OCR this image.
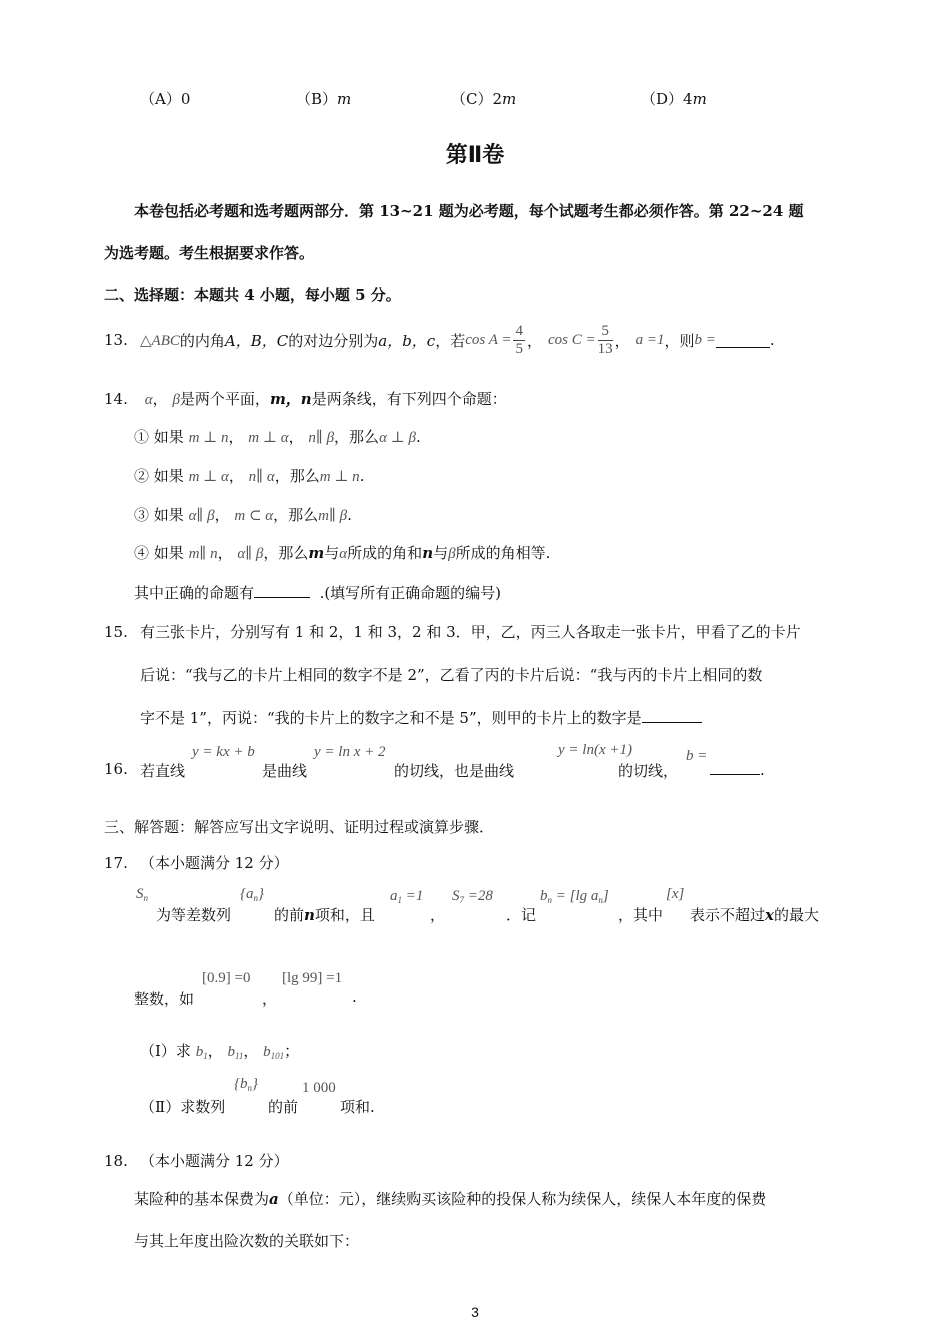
（A）0	（B）m	（C）2m	（D）4m
第Ⅱ卷
本卷包括必考题和选考题两部分．第 13~21 题为必考题，每个试题考生都必须作答。第 22~24 题
为选考题。考生根据要求作答。
二、选择题：本题共 4 小题，每小题 5 分。
13. △ABC 的内角 A，B，C 的对边分别为 a，b，c ，若 $\cos A = \frac{4}{5}$ ， $\cos C = \frac{5}{13}$ ， a =1 ，则 b =	.
14. α， β是两个平面，m，n是两条线，有下列四个命题：
① 如果 m ⊥ n， m ⊥ α， n∥ β，那么α ⊥ β.
② 如果 m ⊥ α， n∥ α，那么m ⊥ n.
③ 如果 α∥ β， m ⊂ α，那么m∥ β.
④ 如果 m∥ n， α∥ β，那么m与α所成的角和n与β所成的角相等.
其中正确的命题有	.(填写所有正确命题的编号)
15. 有三张卡片，分别写有 1 和 2，1 和 3，2 和 3．甲，乙，丙三人各取走一张卡片，甲看了乙的卡片
后说：“我与乙的卡片上相同的数字不是 2”，乙看了丙的卡片后说：“我与丙的卡片上相同的数
字不是 1”，丙说：“我的卡片上的数字之和不是 5”，则甲的卡片上的数字是
16. 若直线
y = kx + b
是曲线
y = ln x + 2
的切线，也是曲线
y = ln(x +1)
的切线，
b =
.
三、解答题：解答应写出文字说明、证明过程或演算步骤．
17. （本小题满分 12 分）
$S_n$
为等差数列
$\{a_n\}$
的前n项和，且
$a_1 =1$
，
$S_7 =28$
．记
$b_n = [\lg$ $a_n$]
，其中
[x]
表示不超过x的最大
整数，如
[0.9] =0
，
[lg 99] =1
.
（Ⅰ）求 $b_1$， $b_{11}$， $b_{101}$；
（Ⅱ）求数列
$\{b_n\}$
的前
1 000
项和.
18. （本小题满分 12 分）
某险种的基本保费为a（单位：元），继续购买该险种的投保人称为续保人，续保人本年度的保费
与其上年度出险次数的关联如下：
3
